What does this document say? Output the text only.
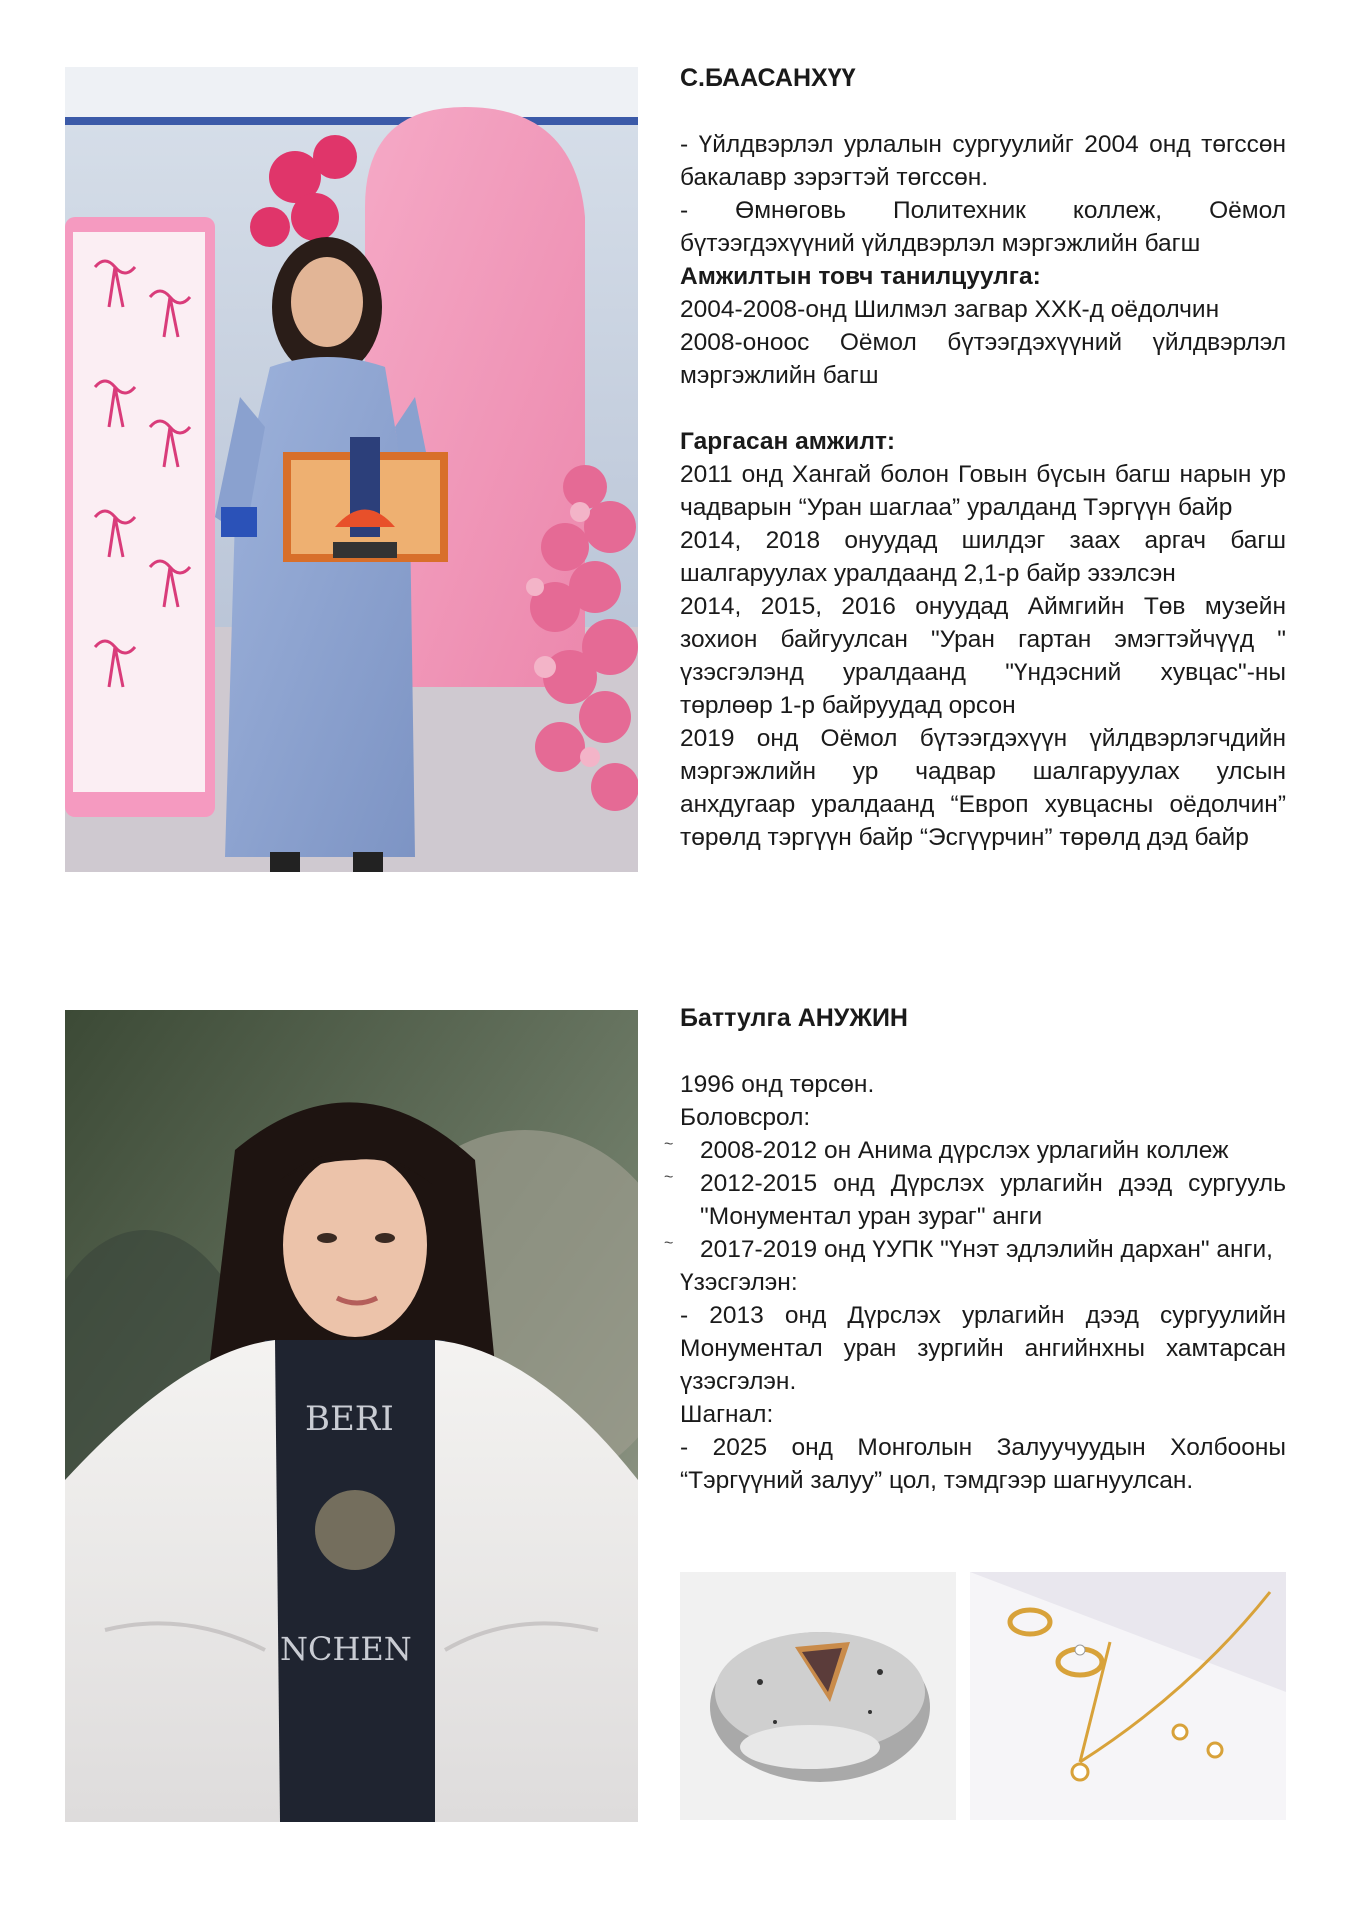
С.БААСАНХҮҮ

- Үйлдвэрлэл урлалын сургуулийг 2004 онд төгссөн бакалавр зэрэгтэй төгссөн.

- Өмнөговь Политехник коллеж, Оёмол бүтээгдэхүүний үйлдвэрлэл мэргэжлийн багш

Амжилтын товч танилцуулга:

2004-2008-онд Шилмэл загвар ХХК-д оёдолчин

2008-оноос Оёмол бүтээгдэхүүний үйлдвэрлэл мэргэжлийн багш

Гаргасан амжилт:

2011 онд Хангай болон Говын бүсын багш нарын ур чадварын “Уран шаглаа” уралданд Тэргүүн байр

2014, 2018 онуудад шилдэг заах аргач багш шалгаруулах уралдаанд 2,1-р байр эзэлсэн

2014, 2015, 2016 онуудад Аймгийн Төв музейн зохион байгуулсан "Уран гартан эмэгтэйчүүд " үзэсгэлэнд уралдаанд "Үндэсний хувцас"-ны төрлөөр 1-р байруудад орсон

2019 онд Оёмол бүтээгдэхүүн үйлдвэрлэгчдийн мэргэжлийн ур чадвар шалгаруулах улсын анхдугаар уралдаанд “Европ хувцасны оёдолчин” төрөлд тэргүүн байр “Эсгүүрчин” төрөлд дэд байр

BERI
NCHEN
Баттулга АНУЖИН

1996 онд төрсөн.

Боловсрол:

~ 2008-2012 он Анима дүрслэх урлагийн коллеж

~ 2012-2015 онд Дүрслэх урлагийн дээд сургууль "Монументал уран зураг" анги

~ 2017-2019 онд ҮУПК "Үнэт эдлэлийн дархан" анги,

Үзэсгэлэн:

- 2013 онд Дүрслэх урлагийн дээд сургуулийн Монументал уран зургийн ангийнхны хамтарсан үзэсгэлэн.

Шагнал:

- 2025 онд Монголын Залуучуудын Холбооны “Тэргүүний залуу” цол, тэмдгээр шагнуулсан.
